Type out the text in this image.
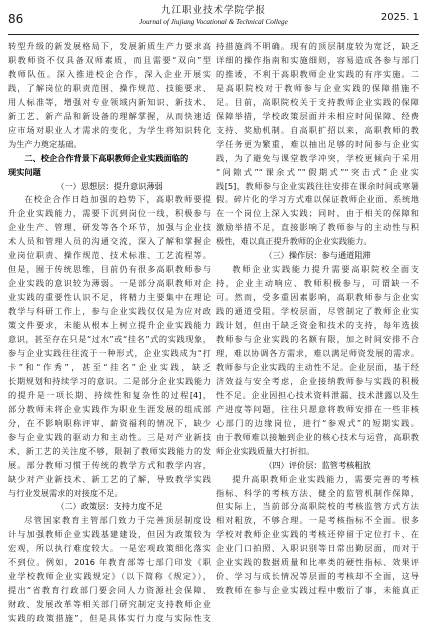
86
九江职业技术学院学报
Journal of Jiujiang Vocational & Technical College	2025. 1
转型升级的新发展格局下，发展新质生产力要求高
职教师资不仅具备双师素质，而且需要“双向”型
教师队伍。深入推进校企合作，深入企业开展实
践，了解岗位的职责范围、操作规范、技能要求、
用人标准等，增强对专业领域内新知识、新技术、
新工艺、新产品和新设备的理解掌握，从而快速适
应市场对职业人才需求的变化，为学生将知识转化
为生产力奠定基础。
二、校企合作背景下高职教师企业实践面临的
现实问题
（一）思想层：提升意识薄弱
在校企合作日趋加强的趋势下，高职教师要提
升企业实践能力，需要下沉到岗位一线，积极参与
企业生产、管理、研发等各个环节，加强与企业技
术人员和管理人员的沟通交流，深入了解和掌握企
业岗位职责、操作规范、技术标准、工艺流程等。
但是，囿于传统思维，目前仍有很多高职教师参与
企业实践的意识较为薄弱。一是部分高职教师对企
业实践的重要性认识不足，将精力主要集中在理论
教学与科研工作上，参与企业实践仅仅是为应对政
策文件要求，未能从根本上树立提升企业实践能力
意识，甚至存在只是“过水”或“挂名”式的实践现象，
参与企业实践往往流于一种形式，企业实践成为“打
卡”和“作秀”，甚至“挂名”企业实践，缺乏
长期规划和持续学习的意识。二是部分企业实践能力
的提升是一项长期、持续性和复杂性的过程[4]，
部分教师未将企业实践作为职业生涯发展的组成部
分，在不影响职称评审、薪资福利的情况下，缺少
参与企业实践的驱动力和主动性。三是对产业新技
术、新工艺的关注度不够，限制了教师实践能力的发
展。部分教师习惯于传统的教学方式和教学内容，
缺少对产业新技术、新工艺的了解，导致教学实践
与行业发展需求的对接度不足。
（二）政策层：支持力度不足
尽管国家教育主管部门致力于完善顶层制度设
计与加强教师企业实践基建建设，但因为政策较为
宏观，所以执行难度较大。一是宏观政策细化落实
不到位。例如，2016 年教育部等七部门印发《职
业学校教师企业实践规定》（以下简称《规定》），
提出“省教育行政部门要会同人力资源社会保障、
财政、发展改革等相关部门研究制定支持教师企业
实践的政策措施”，但是具体实行力度与实际性支
持措施尚不明确。现有的顶层制度较为宽泛，缺乏
详细的操作指南和实施细则，容易造成各参与部门
的推诿，不利于高职教师企业实践的有序实施。二
是高职院校对于教师参与企业实践的保障措施不
足。目前，高职院校关于支持教师企业实践的保障
保障举措，学校政策层面并未相应时间保障、经费
支持、奖励机制。自高职扩招以来，高职教师的教
学任务更为繁重，难以抽出足够的时间参与企业实
践，为了避免与课堂教学冲突，学校更倾向于采用
“间隙式”“课余式”“假期式”“突击式”企业实
践[5]，教师参与企业实践往往安排在课余时间或寒暑
假。碎片化的学习方式难以保证教师企业面、系统地
在一个岗位上深入实践；同时，由于相关的保障和
激励举措不足，直接影响了教师参与的主动性与积
极性，难以真正提升教师的企业实践能力。
（三）操作层：参与通道阻滞
教师企业实践能力提升需要高职院校全面支
持，企业主动响应、教师积极参与，可谓缺一不
可。然而，受多重因素影响，高职教师参与企业实
践的通道受阻。学校层面，尽管制定了教师企业实
践计划，但由于缺乏资金和技术的支持，每年选拔
教师参与企业实践的名额有限，加之时间安排不合
理，难以协调各方需求，难以满足师资发展的需求。
教师参与企业实践的主动性不足。企业层面，基于经
济效益与安全考虑，企业接纳教师参与实践的积极
性不足。企业因担心技术资料泄漏、技术泄露以及生
产进度等问题，往往只愿意将教师安排在一些非核
心部门的边缘岗位，进行“参观式”的短期实践。
由于教师难以接触到企业的核心技术与运营，高职教
师企业实践质量大打折扣。
（四）评价层：监管考核粗放
提升高职教师企业实践能力，需要完善的考核
指标、科学的考核方法、健全的监管机制作保障，
但实际上，当前部分高职院校的考核监管方式方法
相对粗放，不够合理。一是考核指标不全面。很多
学校对教师企业实践的考核还停留于定位打卡、在
企业门口拍照、入职识别等日常出勤层面，而对于
企业实践的数据质量和比率类的硬性指标、效果评
价、学习与成长情况等层面的考核却不全面，这导
致教师在参与企业实践过程中敷衍了事，未能真正
